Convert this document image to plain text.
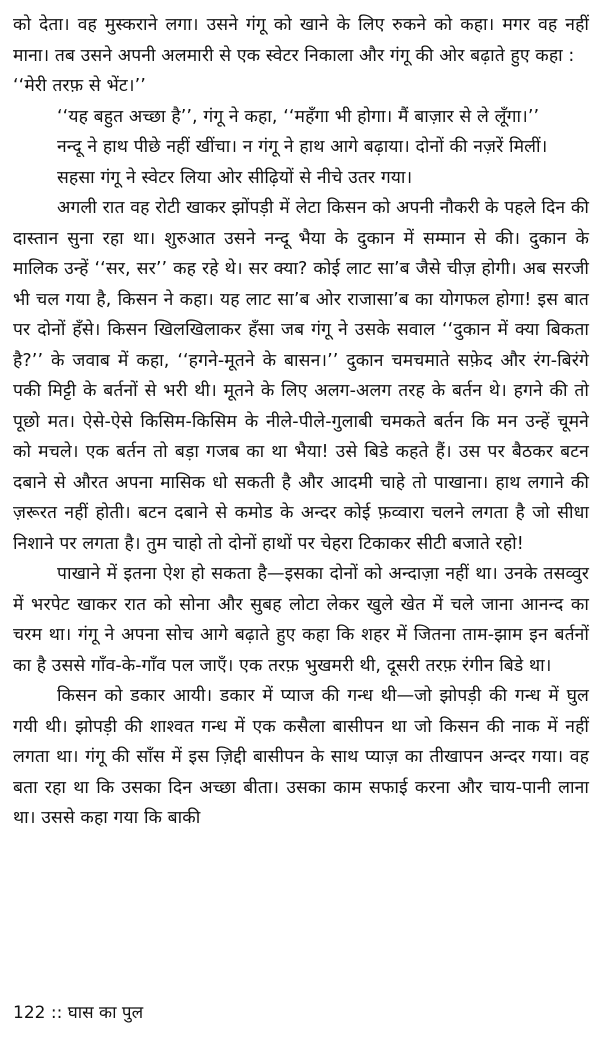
को देता। वह मुस्कराने लगा। उसने गंगू को खाने के लिए रुकने को कहा। मगर वह नहीं माना। तब उसने अपनी अलमारी से एक स्वेटर निकाला और गंगू की ओर बढ़ाते हुए कहा :

‘‘मेरी तरफ़ से भेंट।’’

‘‘यह बहुत अच्छा है’’, गंगू ने कहा, ‘‘महँगा भी होगा। मैं बाज़ार से ले लूँगा।’’

नन्दू ने हाथ पीछे नहीं खींचा। न गंगू ने हाथ आगे बढ़ाया। दोनों की नज़रें मिलीं।

सहसा गंगू ने स्वेटर लिया ओर सीढ़ियों से नीचे उतर गया।

अगली रात वह रोटी खाकर झोंपड़ी में लेटा किसन को अपनी नौकरी के पहले दिन की दास्तान सुना रहा था। शुरुआत उसने नन्दू भैया के दुकान में सम्मान से की। दुकान के मालिक उन्हें ‘‘सर, सर’’ कह रहे थे। सर क्या? कोई लाट सा’ब जैसे चीज़ होगी। अब सरजी भी चल गया है, किसन ने कहा। यह लाट सा’ब ओर राजासा’ब का योगफल होगा! इस बात पर दोनों हँसे। किसन खिलखिलाकर हँसा जब गंगू ने उसके सवाल ‘‘दुकान में क्या बिकता है?’’ के जवाब में कहा, ‘‘हगने-मूतने के बासन।’’ दुकान चमचमाते सफ़ेद और रंग-बिरंगे पकी मिट्टी के बर्तनों से भरी थी। मूतने के लिए अलग-अलग तरह के बर्तन थे। हगने की तो पूछो मत। ऐसे-ऐसे किसिम-किसिम के नीले-पीले-गुलाबी चमकते बर्तन कि मन उन्हें चूमने को मचले। एक बर्तन तो बड़ा गजब का था भैया! उसे बिडे कहते हैं। उस पर बैठकर बटन दबाने से औरत अपना मासिक धो सकती है और आदमी चाहे तो पाखाना। हाथ लगाने की ज़रूरत नहीं होती। बटन दबाने से कमोड के अन्दर कोई फ़व्वारा चलने लगता है जो सीधा निशाने पर लगता है। तुम चाहो तो दोनों हाथों पर चेहरा टिकाकर सीटी बजाते रहो!

पाखाने में इतना ऐश हो सकता है—इसका दोनों को अन्दाज़ा नहीं था। उनके तसव्वुर में भरपेट खाकर रात को सोना और सुबह लोटा लेकर खुले खेत में चले जाना आनन्द का चरम था। गंगू ने अपना सोच आगे बढ़ाते हुए कहा कि शहर में जितना ताम-झाम इन बर्तनों का है उससे गाँव-के-गाँव पल जाएँ। एक तरफ़ भुखमरी थी, दूसरी तरफ़ रंगीन बिडे था।

किसन को डकार आयी। डकार में प्याज की गन्ध थी—जो झोपड़ी की गन्ध में घुल गयी थी। झोपड़ी की शाश्वत गन्ध में एक कसैला बासीपन था जो किसन की नाक में नहीं लगता था। गंगू की साँस में इस ज़िद्दी बासीपन के साथ प्याज़ का तीखापन अन्दर गया। वह बता रहा था कि उसका दिन अच्छा बीता। उसका काम सफाई करना और चाय-पानी लाना था। उससे कहा गया कि बाकी

122 :: घास का पुल
